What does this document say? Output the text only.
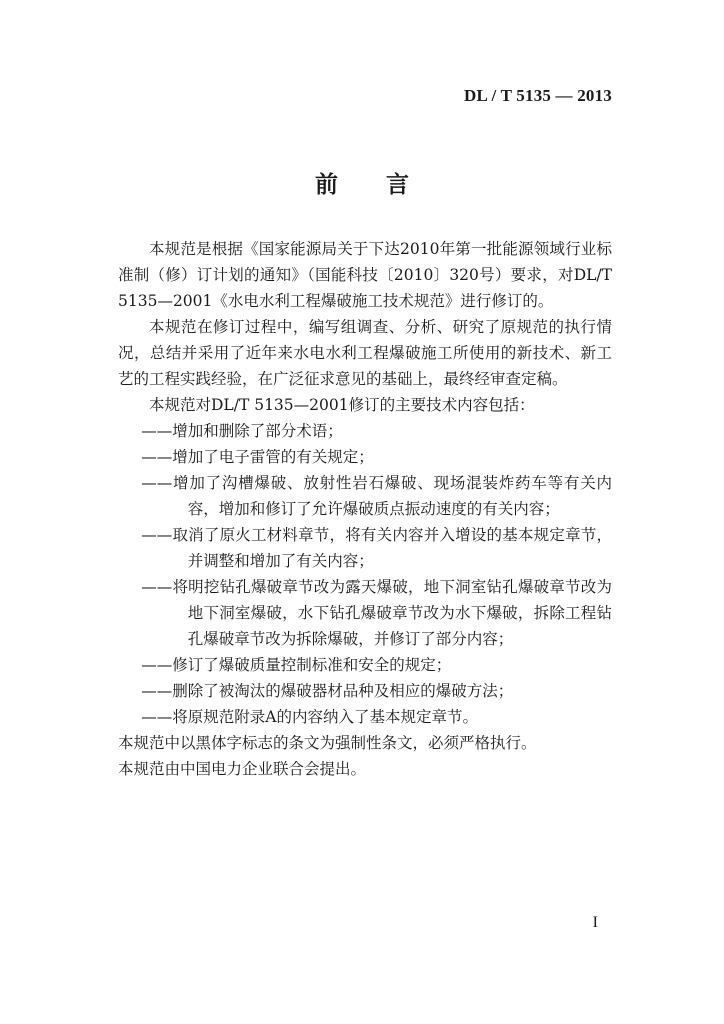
DL / T 5135 — 2013
前言

本规范是根据《国家能源局关于下达2010年第一批能源领域行业标准制（修）订计划的通知》（国能科技〔2010〕320号）要求，对DL/T 5135—2001《水电水利工程爆破施工技术规范》进行修订的。

本规范在修订过程中，编写组调查、分析、研究了原规范的执行情况，总结并采用了近年来水电水利工程爆破施工所使用的新技术、新工艺的工程实践经验，在广泛征求意见的基础上，最终经审查定稿。

本规范对DL/T 5135—2001修订的主要技术内容包括：

——增加和删除了部分术语；

——增加了电子雷管的有关规定；

——增加了沟槽爆破、放射性岩石爆破、现场混装炸药车等有关内容，增加和修订了允许爆破质点振动速度的有关内容；

——取消了原火工材料章节，将有关内容并入增设的基本规定章节，并调整和增加了有关内容；

——将明挖钻孔爆破章节改为露天爆破，地下洞室钻孔爆破章节改为地下洞室爆破，水下钻孔爆破章节改为水下爆破，拆除工程钻孔爆破章节改为拆除爆破，并修订了部分内容；

——修订了爆破质量控制标准和安全的规定；

——删除了被淘汰的爆破器材品种及相应的爆破方法；

——将原规范附录A的内容纳入了基本规定章节。

本规范中以黑体字标志的条文为强制性条文，必须严格执行。

本规范由中国电力企业联合会提出。

I
